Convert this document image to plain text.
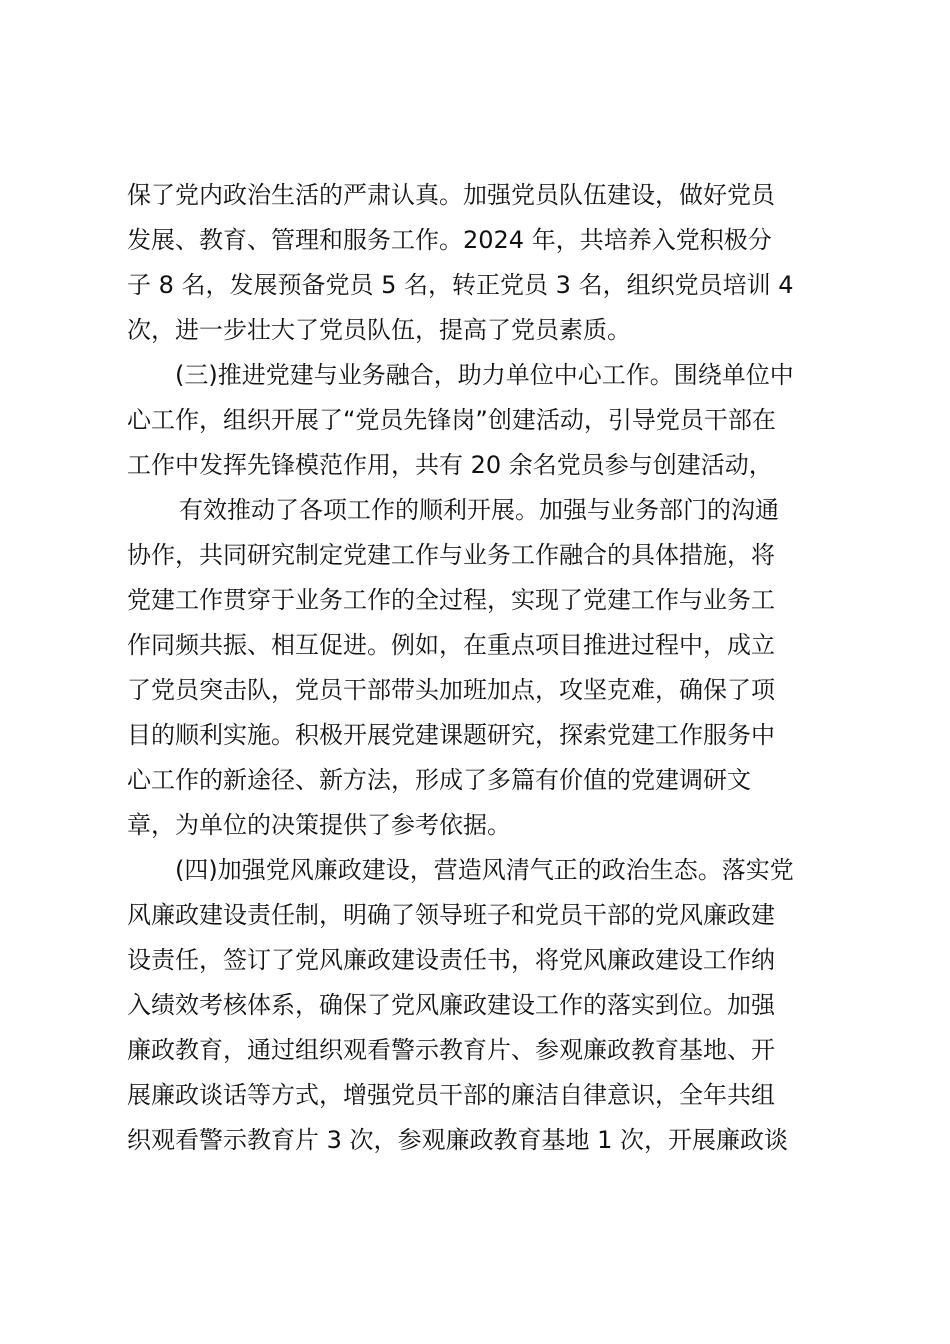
保了党内政治生活的严肃认真。加强党员队伍建设，做好党员
发展、教育、管理和服务工作。2024 年，共培养入党积极分
子 8 名，发展预备党员 5 名，转正党员 3 名，组织党员培训 4
次，进一步壮大了党员队伍，提高了党员素质。
(三)推进党建与业务融合，助力单位中心工作。围绕单位中
心工作，组织开展了“党员先锋岗”创建活动，引导党员干部在
工作中发挥先锋模范作用，共有 20 余名党员参与创建活动，
有效推动了各项工作的顺利开展。加强与业务部门的沟通
协作，共同研究制定党建工作与业务工作融合的具体措施，将
党建工作贯穿于业务工作的全过程，实现了党建工作与业务工
作同频共振、相互促进。例如，在重点项目推进过程中，成立
了党员突击队，党员干部带头加班加点，攻坚克难，确保了项
目的顺利实施。积极开展党建课题研究，探索党建工作服务中
心工作的新途径、新方法，形成了多篇有价值的党建调研文
章，为单位的决策提供了参考依据。
(四)加强党风廉政建设，营造风清气正的政治生态。落实党
风廉政建设责任制，明确了领导班子和党员干部的党风廉政建
设责任，签订了党风廉政建设责任书，将党风廉政建设工作纳
入绩效考核体系，确保了党风廉政建设工作的落实到位。加强
廉政教育，通过组织观看警示教育片、参观廉政教育基地、开
展廉政谈话等方式，增强党员干部的廉洁自律意识，全年共组
织观看警示教育片 3 次，参观廉政教育基地 1 次，开展廉政谈
